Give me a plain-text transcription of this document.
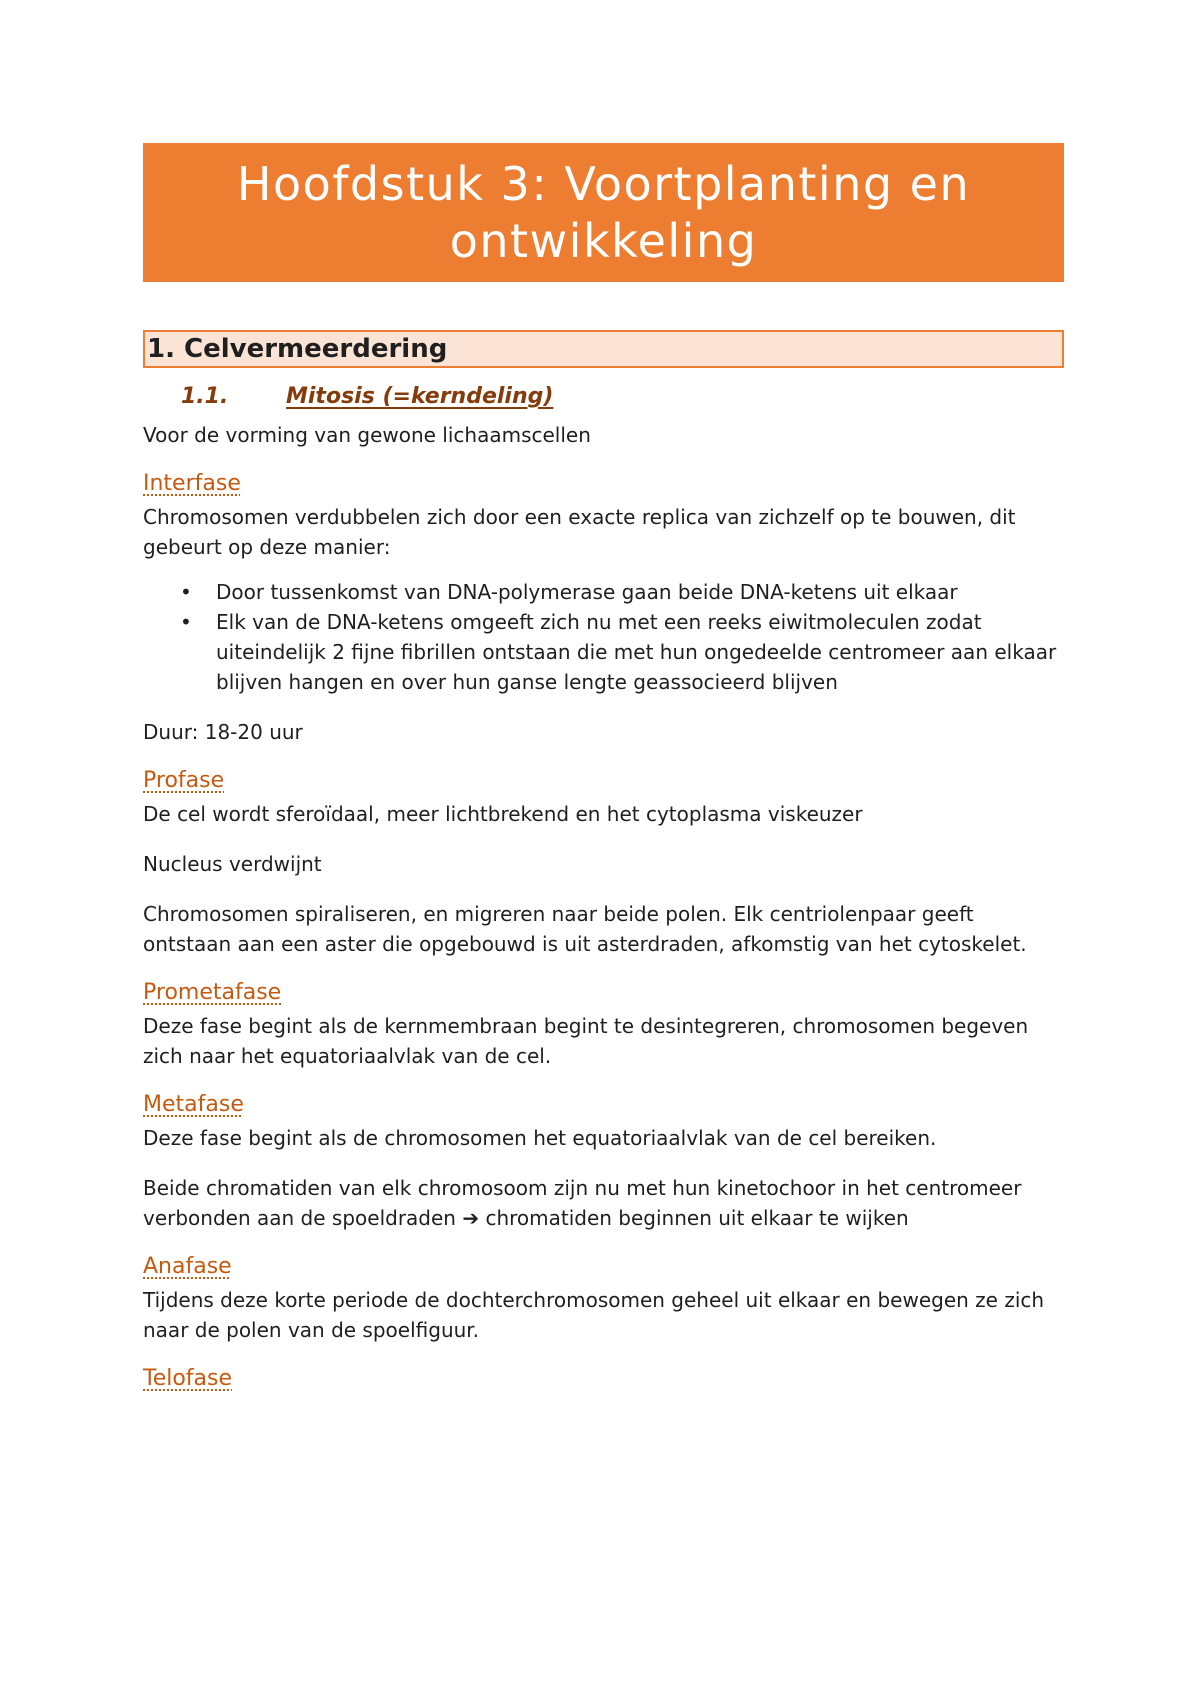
Hoofdstuk 3: Voortplanting en ontwikkeling
1. Celvermeerdering
1.1.	Mitosis (=kerndeling)

Voor de vorming van gewone lichaamscellen

Interfase

Chromosomen verdubbelen zich door een exacte replica van zichzelf op te bouwen, dit gebeurt op deze manier:

• Door tussenkomst van DNA-polymerase gaan beide DNA-ketens uit elkaar
• Elk van de DNA-ketens omgeeft zich nu met een reeks eiwitmoleculen zodat uiteindelijk 2 fijne fibrillen ontstaan die met hun ongedeelde centromeer aan elkaar blijven hangen en over hun ganse lengte geassocieerd blijven

Duur: 18-20 uur

Profase

De cel wordt sferoïdaal, meer lichtbrekend en het cytoplasma viskeuzer

Nucleus verdwijnt

Chromosomen spiraliseren, en migreren naar beide polen. Elk centriolenpaar geeft ontstaan aan een aster die opgebouwd is uit asterdraden, afkomstig van het cytoskelet.

Prometafase

Deze fase begint als de kernmembraan begint te desintegreren, chromosomen begeven zich naar het equatoriaalvlak van de cel.

Metafase

Deze fase begint als de chromosomen het equatoriaalvlak van de cel bereiken.

Beide chromatiden van elk chromosoom zijn nu met hun kinetochoor in het centromeer verbonden aan de spoeldraden ➔ chromatiden beginnen uit elkaar te wijken

Anafase

Tijdens deze korte periode de dochterchromosomen geheel uit elkaar en bewegen ze zich naar de polen van de spoelfiguur.

Telofase
